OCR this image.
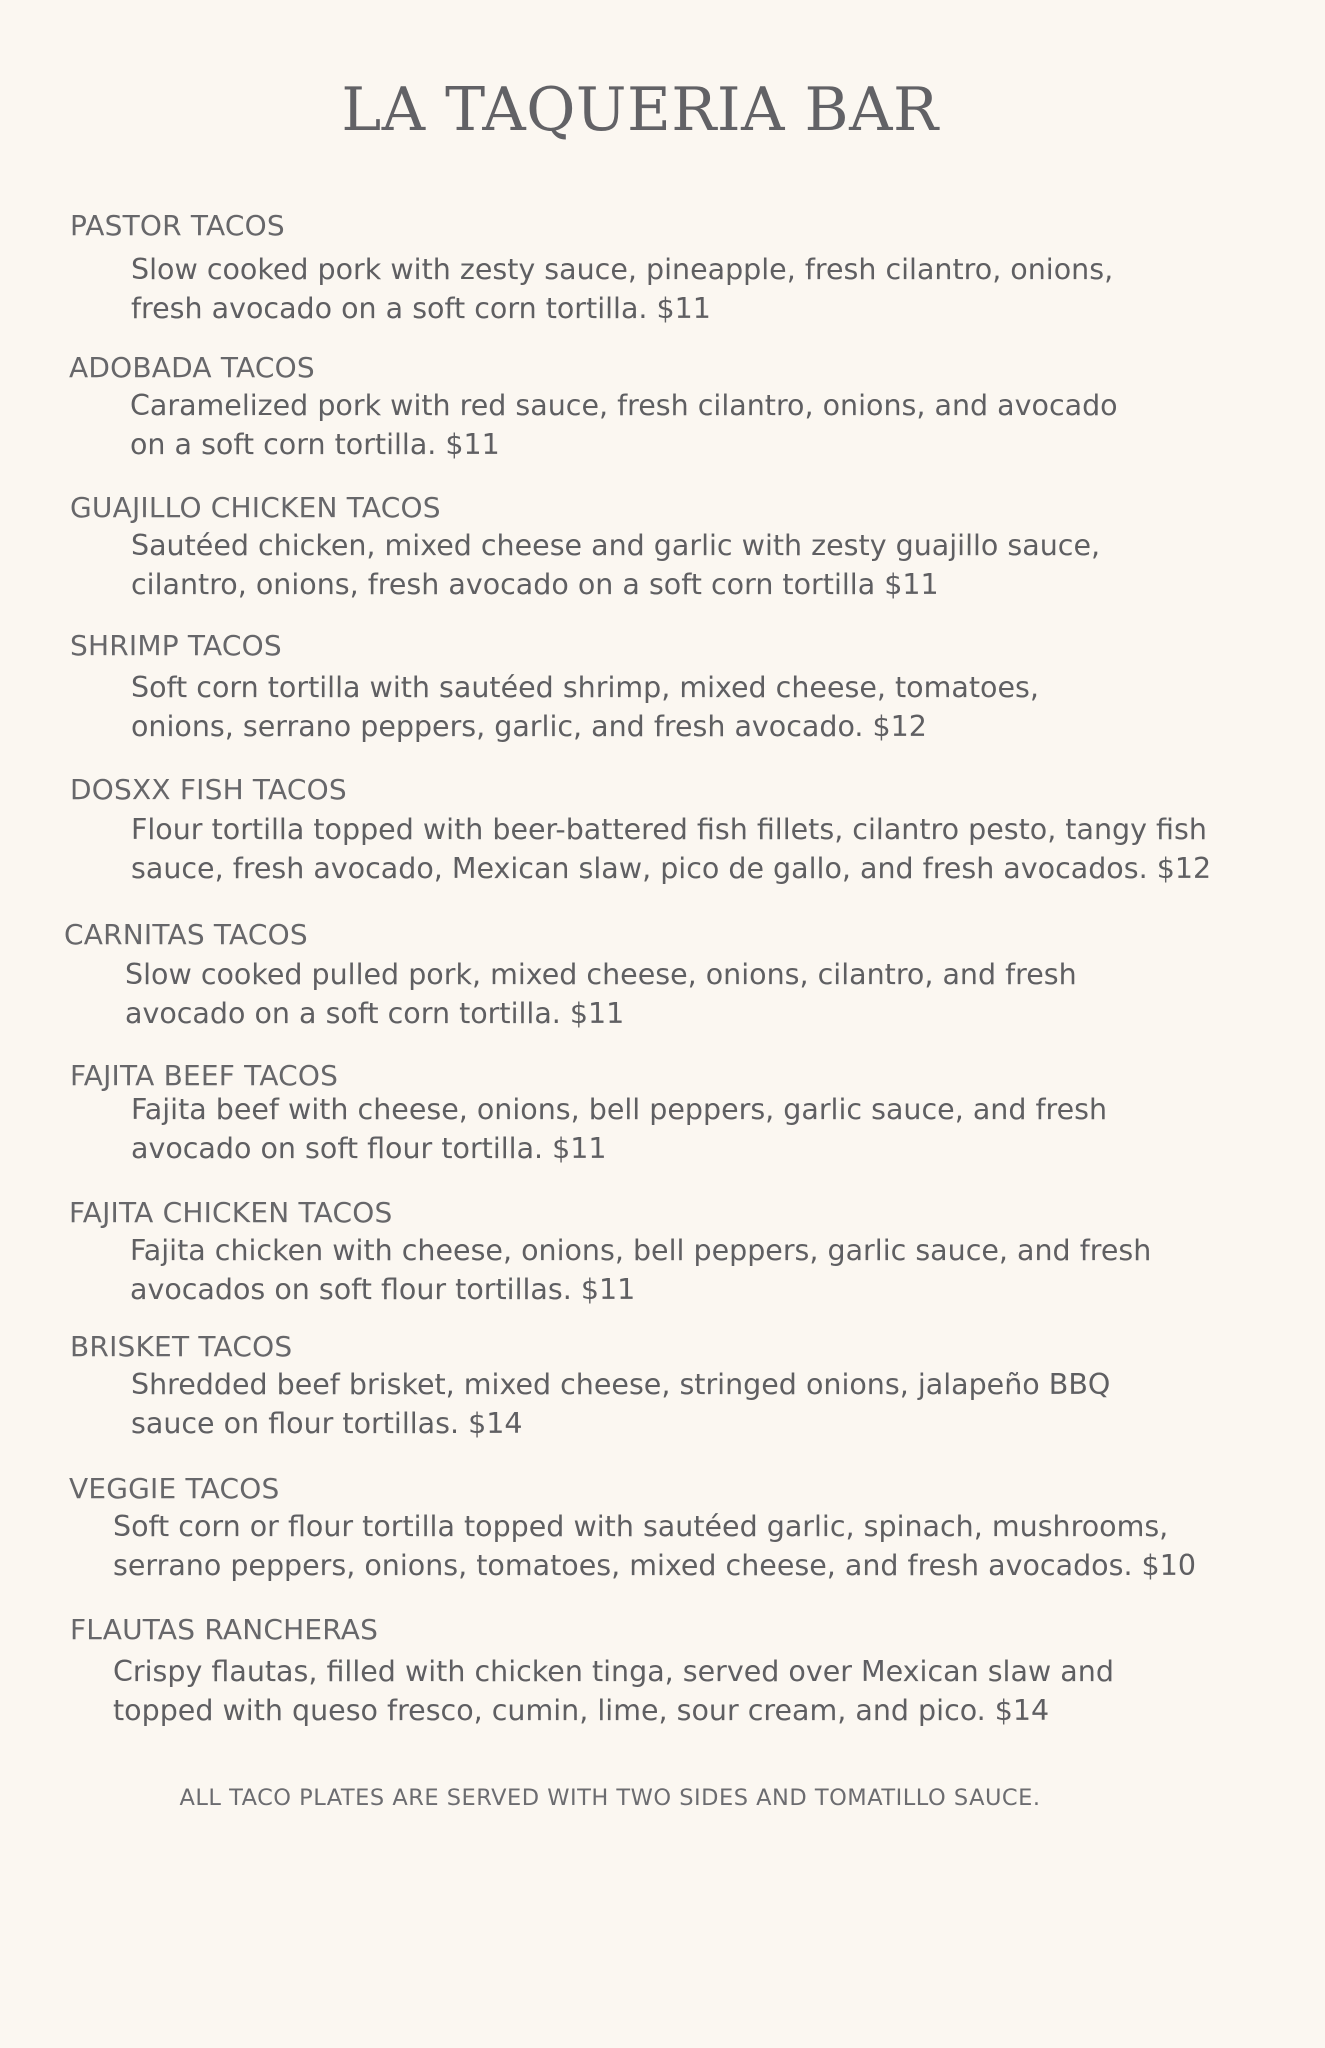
LA TAQUERIA BAR
PASTOR TACOS
Slow cooked pork with zesty sauce, pineapple, fresh cilantro, onions,
fresh avocado on a soft corn tortilla. $11
ADOBADA TACOS
Caramelized pork with red sauce, fresh cilantro, onions, and avocado
on a soft corn tortilla. $11
GUAJILLO CHICKEN TACOS
Sautéed chicken, mixed cheese and garlic with zesty guajillo sauce,
cilantro, onions, fresh avocado on a soft corn tortilla $11
SHRIMP TACOS
Soft corn tortilla with sautéed shrimp, mixed cheese, tomatoes,
onions, serrano peppers, garlic, and fresh avocado. $12
DOSXX FISH TACOS
Flour tortilla topped with beer-battered fish fillets, cilantro pesto, tangy fish
sauce, fresh avocado, Mexican slaw, pico de gallo, and fresh avocados. $12
CARNITAS TACOS
Slow cooked pulled pork, mixed cheese, onions, cilantro, and fresh
avocado on a soft corn tortilla. $11
FAJITA BEEF TACOS
Fajita beef with cheese, onions, bell peppers, garlic sauce, and fresh
avocado on soft flour tortilla. $11
FAJITA CHICKEN TACOS
Fajita chicken with cheese, onions, bell peppers, garlic sauce, and fresh
avocados on soft flour tortillas. $11
BRISKET TACOS
Shredded beef brisket, mixed cheese, stringed onions, jalapeño BBQ
sauce on flour tortillas. $14
VEGGIE TACOS
Soft corn or flour tortilla topped with sautéed garlic, spinach, mushrooms,
serrano peppers, onions, tomatoes, mixed cheese, and fresh avocados. $10
FLAUTAS RANCHERAS
Crispy flautas, filled with chicken tinga, served over Mexican slaw and
topped with queso fresco, cumin, lime, sour cream, and pico. $14
ALL TACO PLATES ARE SERVED WITH TWO SIDES AND TOMATILLO SAUCE.
